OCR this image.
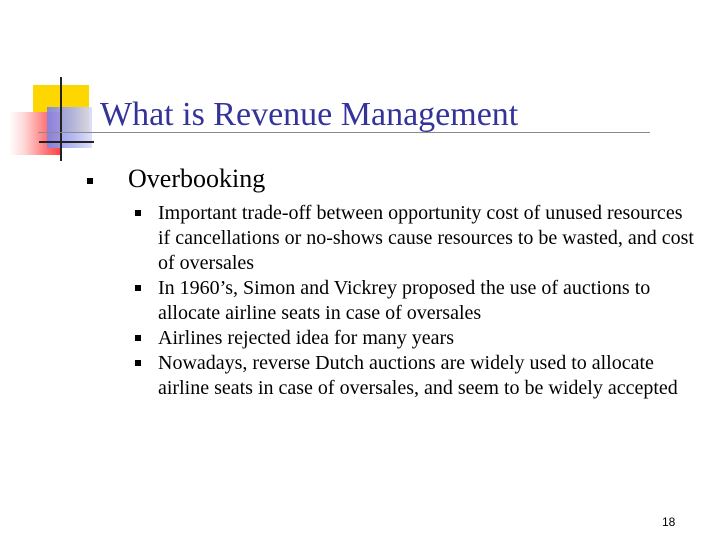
What is Revenue Management
Overbooking
Important trade-off between opportunity cost of unused resources if cancellations or no-shows cause resources to be wasted, and cost of oversales
In 1960’s, Simon and Vickrey proposed the use of auctions to allocate airline seats in case of oversales
Airlines rejected idea for many years
Nowadays, reverse Dutch auctions are widely used to allocate airline seats in case of oversales, and seem to be widely accepted
18
